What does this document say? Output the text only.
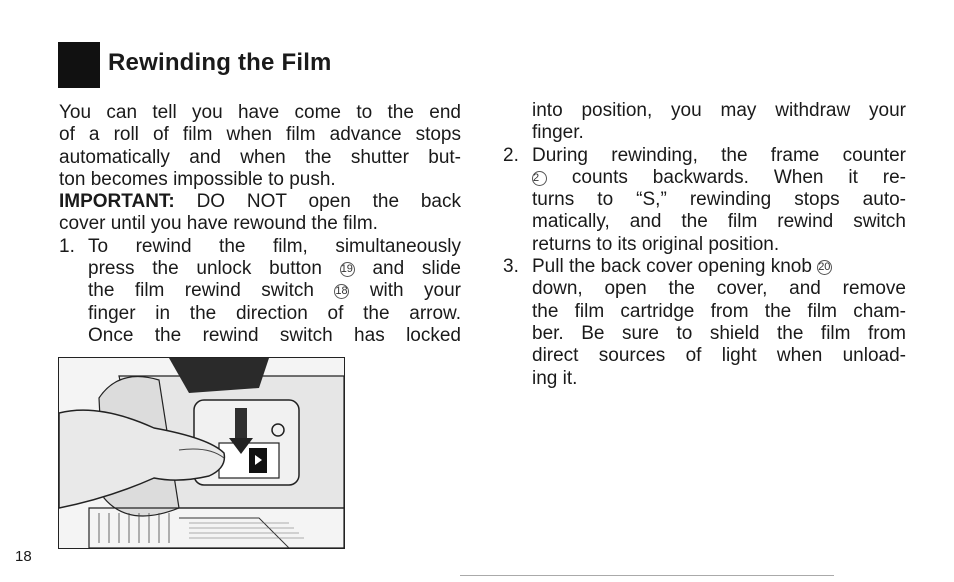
Rewinding the Film
You can tell you have come to the end
of a roll of film when film advance stops
automatically and when the shutter but-
ton becomes impossible to push.
IMPORTANT: DO NOT open the back
cover until you have rewound the film.
1. To rewind the film, simultaneously
press the unlock button 19 and slide
the film rewind switch 18 with your
finger in the direction of the arrow.
Once the rewind switch has locked
into position, you may withdraw your
finger.
2. During rewinding, the frame counter
2 counts backwards. When it re-
turns to “S,” rewinding stops auto-
matically, and the film rewind switch
returns to its original position.
3. Pull the back cover opening knob 20
down, open the cover, and remove
the film cartridge from the film cham-
ber. Be sure to shield the film from
direct sources of light when unload-
ing it.
18
